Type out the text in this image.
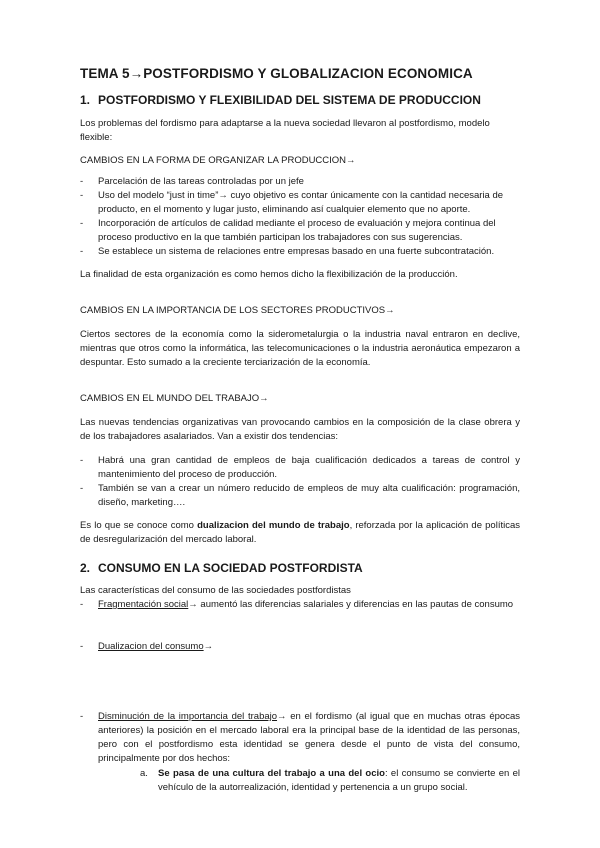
TEMA 5→POSTFORDISMO Y GLOBALIZACION ECONOMICA
1. POSTFORDISMO Y FLEXIBILIDAD DEL SISTEMA DE PRODUCCION

Los problemas del fordismo para adaptarse a la nueva sociedad llevaron al postfordismo, modelo flexible:

CAMBIOS EN LA FORMA DE ORGANIZAR LA PRODUCCION→

- Parcelación de las tareas controladas por un jefe
- Uso del modelo “just in time”→ cuyo objetivo es contar únicamente con la cantidad necesaria de producto, en el momento y lugar justo, eliminando así cualquier elemento que no aporte.
- Incorporación de artículos de calidad mediante el proceso de evaluación y mejora continua del proceso productivo en la que también participan los trabajadores con sus sugerencias.
- Se establece un sistema de relaciones entre empresas basado en una fuerte subcontratación.

La finalidad de esta organización es como hemos dicho la flexibilización de la producción.

CAMBIOS EN LA IMPORTANCIA DE LOS SECTORES PRODUCTIVOS→

Ciertos sectores de la economía como la siderometalurgia o la industria naval entraron en declive, mientras que otros como la informática, las telecomunicaciones o la industria aeronáutica empezaron a despuntar. Esto sumado a la creciente terciarización de la economía.

CAMBIOS EN EL MUNDO DEL TRABAJO→

Las nuevas tendencias organizativas van provocando cambios en la composición de la clase obrera y de los trabajadores asalariados. Van a existir dos tendencias:

- Habrá una gran cantidad de empleos de baja cualificación dedicados a tareas de control y mantenimiento del proceso de producción.
- También se van a crear un número reducido de empleos de muy alta cualificación: programación, diseño, marketing….

Es lo que se conoce como dualizacion del mundo de trabajo, reforzada por la aplicación de políticas de desregularización del mercado laboral.

2. CONSUMO EN LA SOCIEDAD POSTFORDISTA

Las características del consumo de las sociedades postfordistas

- Fragmentación social→ aumentó las diferencias salariales y diferencias en las pautas de consumo
- Dualizacion del consumo→
- Disminución de la importancia del trabajo→ en el fordismo (al igual que en muchas otras épocas anteriores) la posición en el mercado laboral era la principal base de la identidad de las personas, pero con el postfordismo esta identidad se genera desde el punto de vista del consumo, principalmente por dos hechos:
a. Se pasa de una cultura del trabajo a una del ocio: el consumo se convierte en el vehículo de la autorrealización, identidad y pertenencia a un grupo social.
